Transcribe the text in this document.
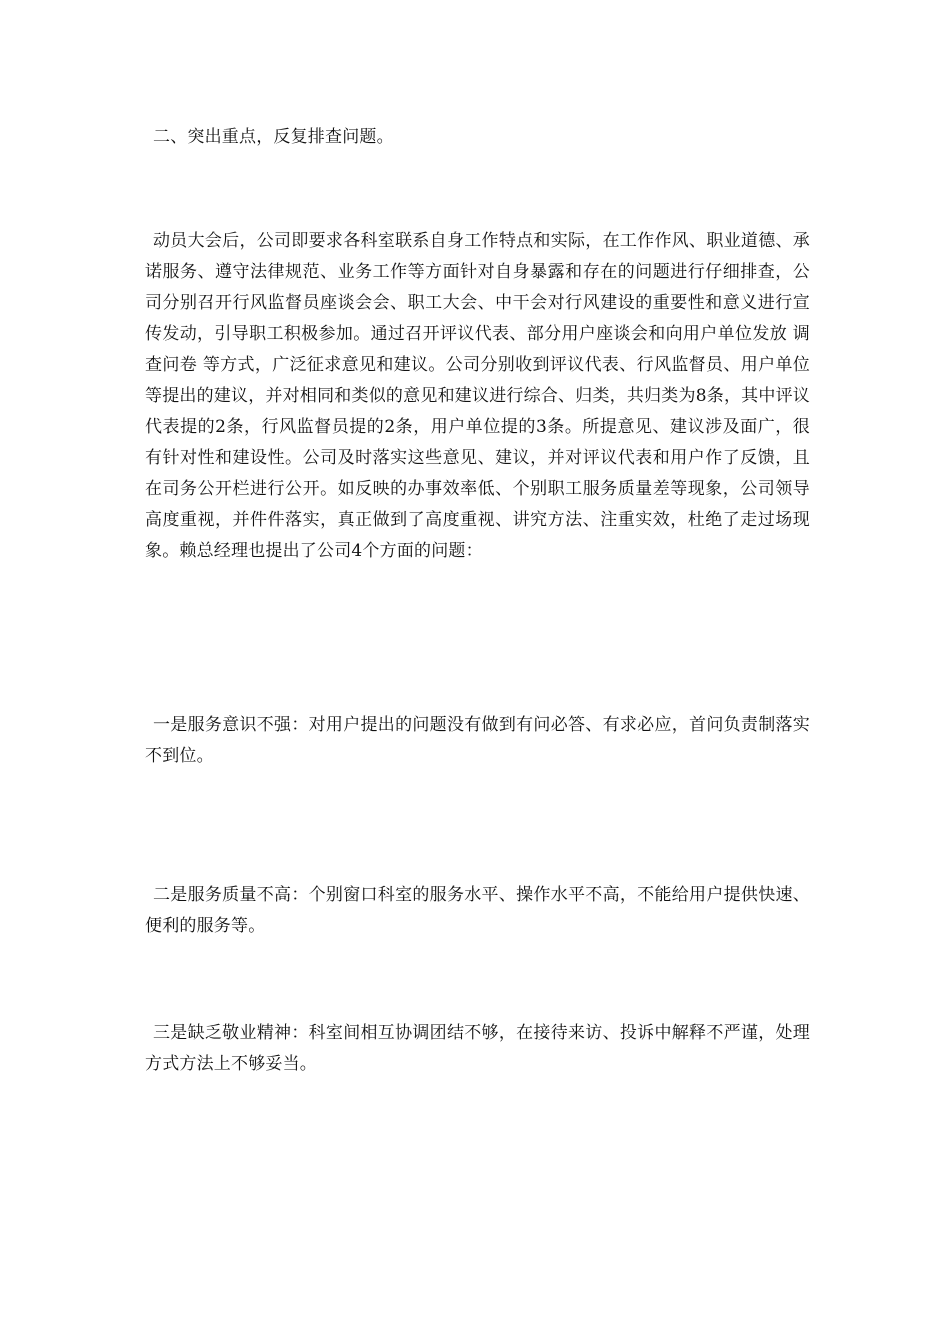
二、突出重点，反复排查问题。

动员大会后，公司即要求各科室联系自身工作特点和实际，在工作作风、职业道德、承诺服务、遵守法律规范、业务工作等方面针对自身暴露和存在的问题进行仔细排查，公司分别召开行风监督员座谈会会、职工大会、中干会对行风建设的重要性和意义进行宣传发动，引导职工积极参加。通过召开评议代表、部分用户座谈会和向用户单位发放 调查问卷 等方式，广泛征求意见和建议。公司分别收到评议代表、行风监督员、用户单位等提出的建议，并对相同和类似的意见和建议进行综合、归类，共归类为8条，其中评议代表提的2条，行风监督员提的2条，用户单位提的3条。所提意见、建议涉及面广，很有针对性和建设性。公司及时落实这些意见、建议，并对评议代表和用户作了反馈，且在司务公开栏进行公开。如反映的办事效率低、个别职工服务质量差等现象，公司领导高度重视，并件件落实，真正做到了高度重视、讲究方法、注重实效，杜绝了走过场现象。赖总经理也提出了公司4个方面的问题：

一是服务意识不强：对用户提出的问题没有做到有问必答、有求必应，首问负责制落实不到位。

二是服务质量不高：个别窗口科室的服务水平、操作水平不高，不能给用户提供快速、便利的服务等。

三是缺乏敬业精神：科室间相互协调团结不够，在接待来访、投诉中解释不严谨，处理方式方法上不够妥当。
